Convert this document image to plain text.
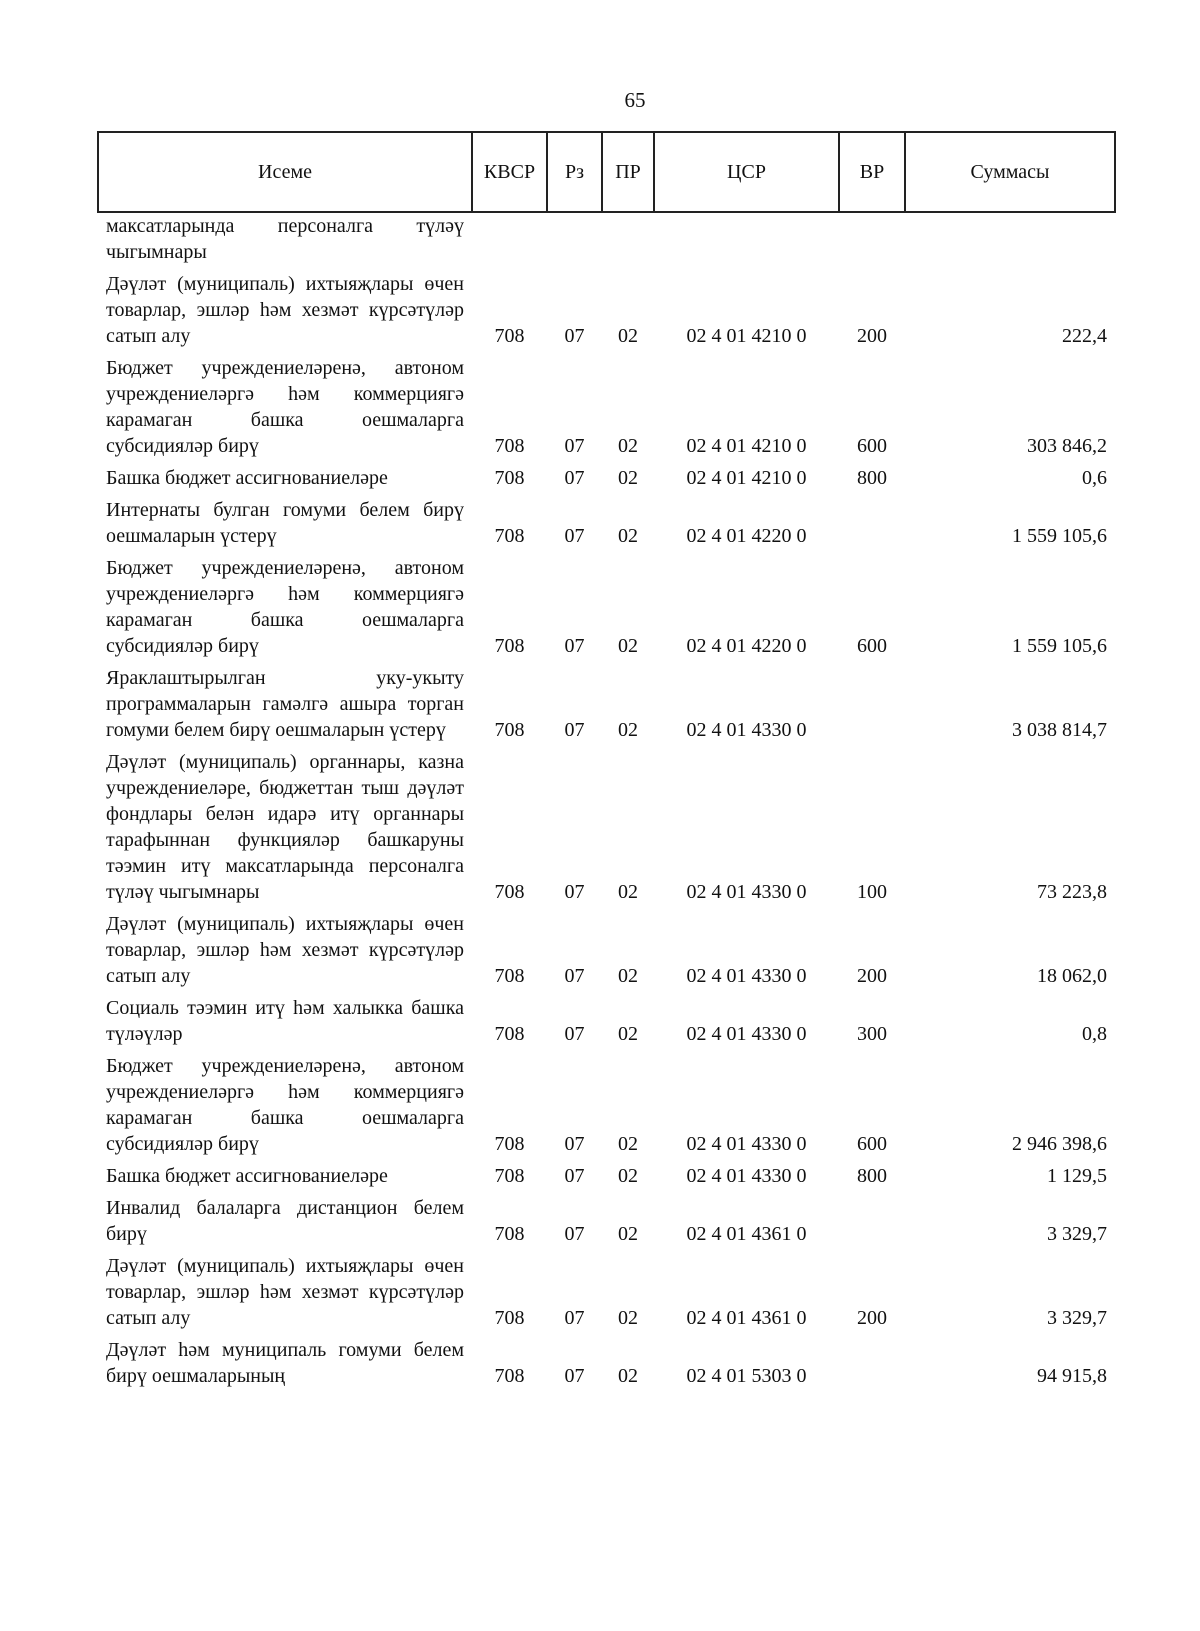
65
Исеме	КВСР	Рз	ПР	ЦСР	ВР	Суммасы
максатларында персоналга түләү чыгымнары						
Дәүләт (муниципаль) ихтыяҗлары өчен товарлар, эшләр һәм хезмәт күрсәтүләр сатып алу	708	07	02	02 4 01 4210 0	200	222,4
Бюджет учреждениеләренә, автоном учреждениеләргә һәм коммерциягә карамаган башка оешмаларга субсидияләр бирү	708	07	02	02 4 01 4210 0	600	303 846,2
Башка бюджет ассигнованиеләре	708	07	02	02 4 01 4210 0	800	0,6
Интернаты булган гомуми белем бирү оешмаларын үстерү	708	07	02	02 4 01 4220 0		1 559 105,6
Бюджет учреждениеләренә, автоном учреждениеләргә һәм коммерциягә карамаган башка оешмаларга субсидияләр бирү	708	07	02	02 4 01 4220 0	600	1 559 105,6
Яраклаштырылган уку-укыту программаларын гамәлгә ашыра торган гомуми белем бирү оешмаларын үстерү	708	07	02	02 4 01 4330 0		3 038 814,7
Дәүләт (муниципаль) органнары, казна учреждениеләре, бюджеттан тыш дәүләт фондлары белән идарә итү органнары тарафыннан функцияләр башкаруны тәэмин итү максатларында персоналга түләү чыгымнары	708	07	02	02 4 01 4330 0	100	73 223,8
Дәүләт (муниципаль) ихтыяҗлары өчен товарлар, эшләр һәм хезмәт күрсәтүләр сатып алу	708	07	02	02 4 01 4330 0	200	18 062,0
Социаль тәэмин итү һәм халыкка башка түләүләр	708	07	02	02 4 01 4330 0	300	0,8
Бюджет учреждениеләренә, автоном учреждениеләргә һәм коммерциягә карамаган башка оешмаларга субсидияләр бирү	708	07	02	02 4 01 4330 0	600	2 946 398,6
Башка бюджет ассигнованиеләре	708	07	02	02 4 01 4330 0	800	1 129,5
Инвалид балаларга дистанцион белем бирү	708	07	02	02 4 01 4361 0		3 329,7
Дәүләт (муниципаль) ихтыяҗлары өчен товарлар, эшләр һәм хезмәт күрсәтүләр сатып алу	708	07	02	02 4 01 4361 0	200	3 329,7
Дәүләт һәм муниципаль гомуми белем бирү оешмаларының	708	07	02	02 4 01 5303 0		94 915,8
